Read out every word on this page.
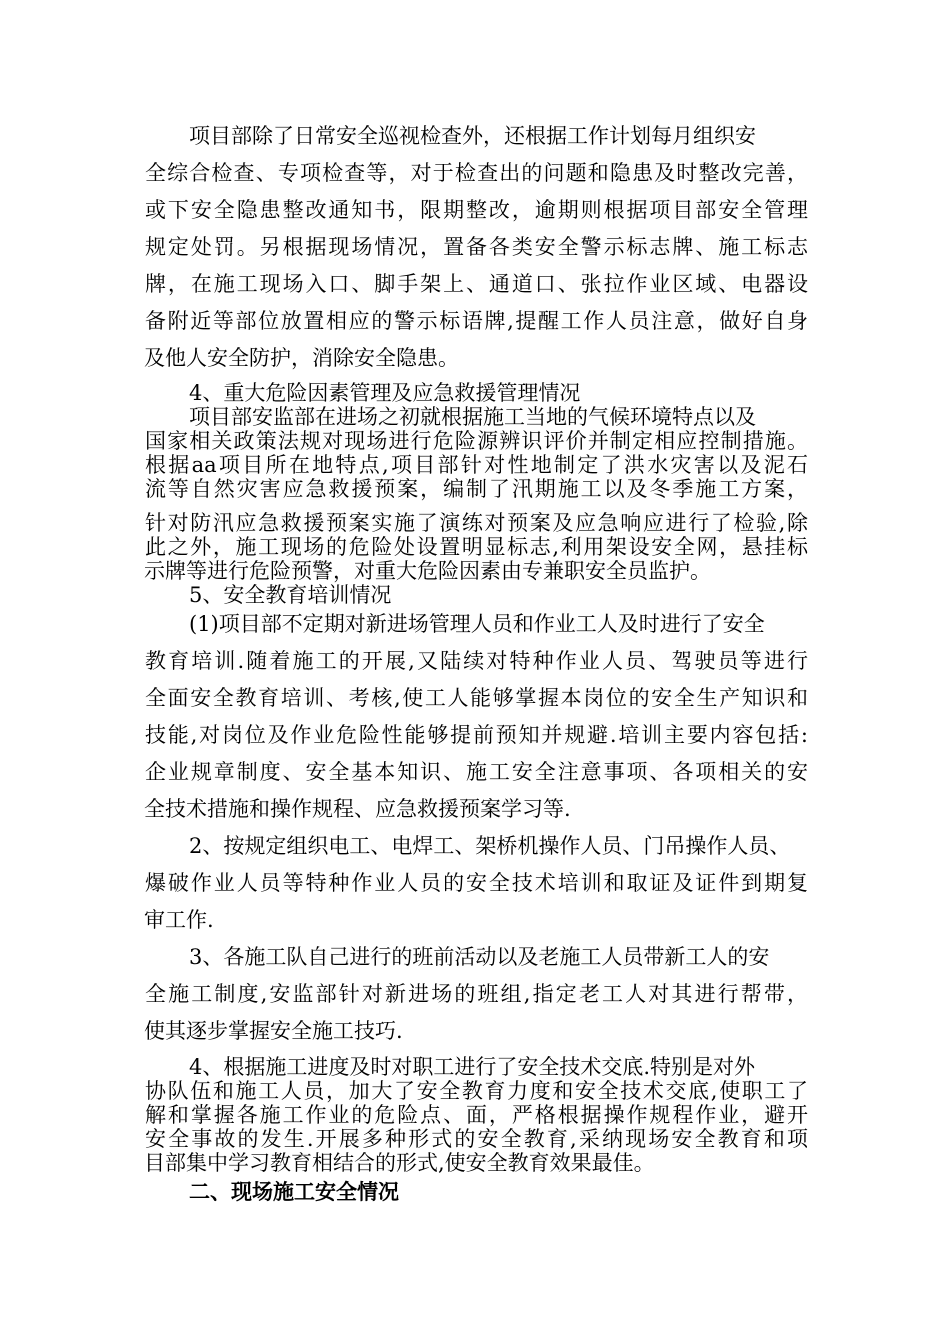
项目部除了日常安全巡视检查外，还根据工作计划每月组织安
全综合检查、专项检查等，对于检查出的问题和隐患及时整改完善，
或下安全隐患整改通知书，限期整改，逾期则根据项目部安全管理
规定处罚。另根据现场情况，置备各类安全警示标志牌、施工标志
牌，在施工现场入口、脚手架上、通道口、张拉作业区域、电器设
备附近等部位放置相应的警示标语牌,提醒工作人员注意，做好自身
及他人安全防护，消除安全隐患。
4、重大危险因素管理及应急救援管理情况
项目部安监部在进场之初就根据施工当地的气候环境特点以及
国家相关政策法规对现场进行危险源辨识评价并制定相应控制措施。
根据aa项目所在地特点,项目部针对性地制定了洪水灾害以及泥石
流等自然灾害应急救援预案，编制了汛期施工以及冬季施工方案，
针对防汛应急救援预案实施了演练对预案及应急响应进行了检验,除
此之外，施工现场的危险处设置明显标志,利用架设安全网，悬挂标
示牌等进行危险预警，对重大危险因素由专兼职安全员监护。
5、安全教育培训情况
(1)项目部不定期对新进场管理人员和作业工人及时进行了安全
教育培训.随着施工的开展,又陆续对特种作业人员、驾驶员等进行
全面安全教育培训、考核,使工人能够掌握本岗位的安全生产知识和
技能,对岗位及作业危险性能够提前预知并规避.培训主要内容包括:
企业规章制度、安全基本知识、施工安全注意事项、各项相关的安
全技术措施和操作规程、应急救援预案学习等.
2、按规定组织电工、电焊工、架桥机操作人员、门吊操作人员、
爆破作业人员等特种作业人员的安全技术培训和取证及证件到期复
审工作.
3、各施工队自己进行的班前活动以及老施工人员带新工人的安
全施工制度,安监部针对新进场的班组,指定老工人对其进行帮带，
使其逐步掌握安全施工技巧.
4、根据施工进度及时对职工进行了安全技术交底.特别是对外
协队伍和施工人员，加大了安全教育力度和安全技术交底,使职工了
解和掌握各施工作业的危险点、面，严格根据操作规程作业，避开
安全事故的发生.开展多种形式的安全教育,采纳现场安全教育和项
目部集中学习教育相结合的形式,使安全教育效果最佳。
二、现场施工安全情况
